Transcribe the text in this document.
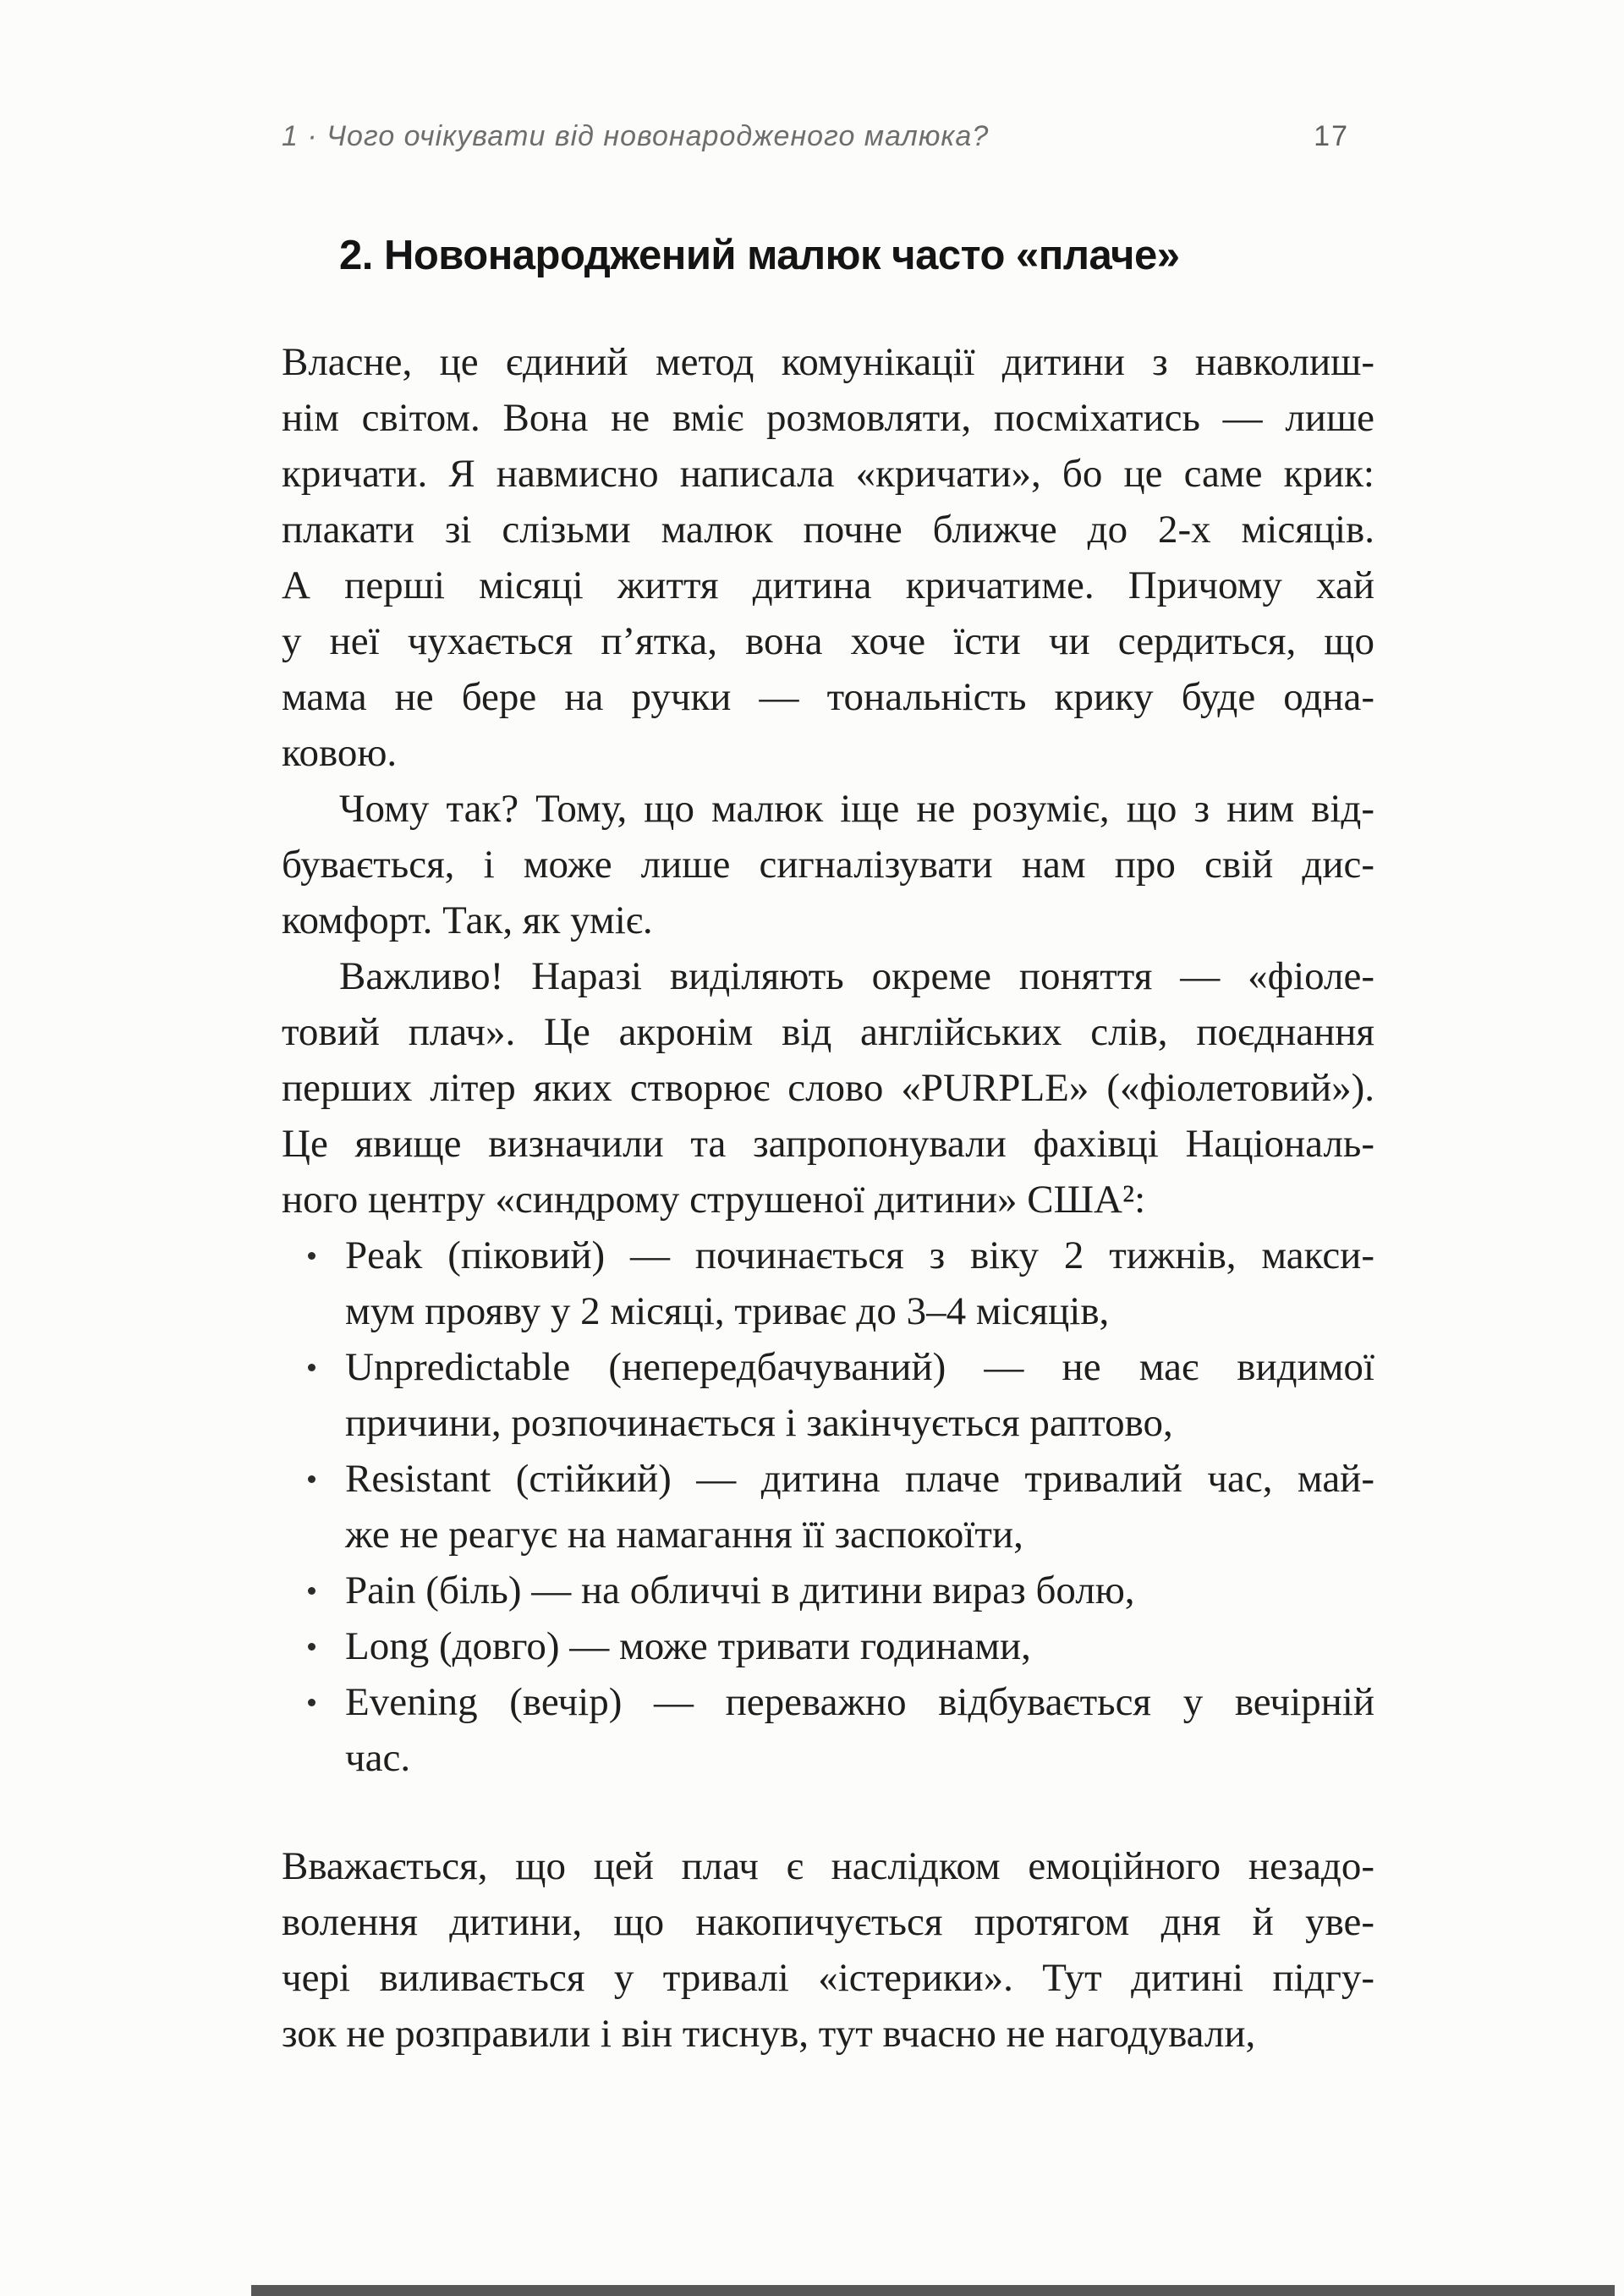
1 · Чого очікувати від новонародженого малюка?	17
2. Новонароджений малюк часто «плаче»
Власне, це єдиний метод комунікації дитини з навколиш-
нім світом. Вона не вміє розмовляти, посміхатись — лише
кричати. Я навмисно написала «кричати», бо це саме крик:
плакати зі слізьми малюк почне ближче до 2-х місяців.
А перші місяці життя дитина кричатиме. Причому хай
у неї чухається п’ятка, вона хоче їсти чи сердиться, що
мама не бере на ручки — тональність крику буде одна-
ковою.
Чому так? Тому, що малюк іще не розуміє, що з ним від-
бувається, і може лише сигналізувати нам про свій дис-
комфорт. Так, як уміє.
Важливо! Наразі виділяють окреме поняття — «фіоле-
товий плач». Це акронім від англійських слів, поєднання
перших літер яких створює слово «PURPLE» («фіолетовий»).
Це явище визначили та запропонували фахівці Національ-
ного центру «синдрому струшеної дитини» США²:
Peak (піковий) — починається з віку 2 тижнів, макси-
мум прояву у 2 місяці, триває до 3–4 місяців,
Unpredictable (непередбачуваний) — не має видимої
причини, розпочинається і закінчується раптово,
Resistant (стійкий) — дитина плаче тривалий час, май-
же не реагує на намагання її заспокоїти,
Pain (біль) — на обличчі в дитини вираз болю,
Long (довго) — може тривати годинами,
Evening (вечір) — переважно відбувається у вечірній
час.
Вважається, що цей плач є наслідком емоційного незадо-
волення дитини, що накопичується протягом дня й уве-
чері виливається у тривалі «істерики». Тут дитині підгу-
зок не розправили і він тиснув, тут вчасно не нагодували,
